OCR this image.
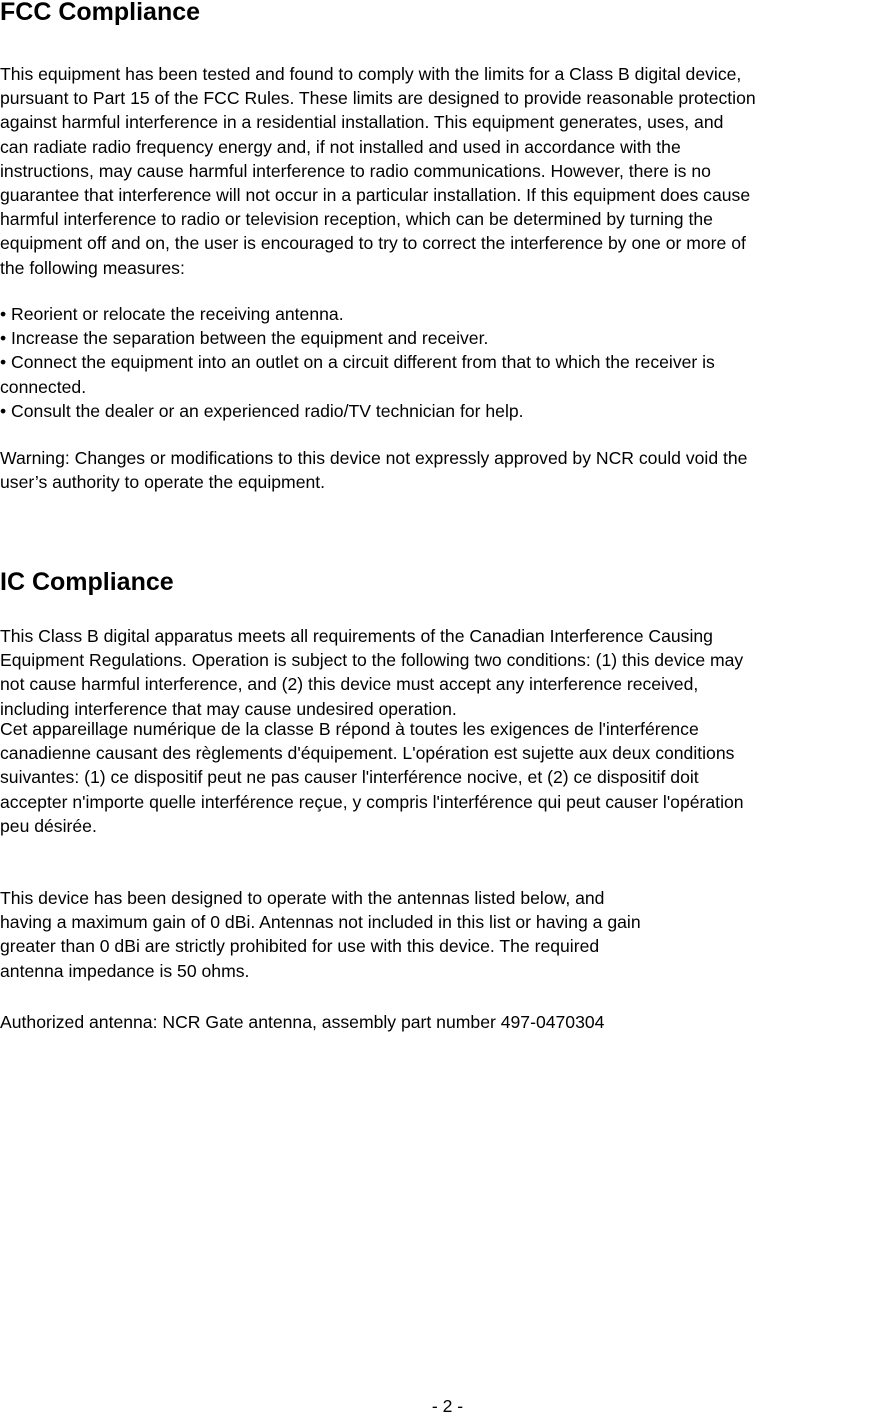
FCC Compliance
This equipment has been tested and found to comply with the limits for a Class B digital device,
pursuant to Part 15 of the FCC Rules. These limits are designed to provide reasonable protection
against harmful interference in a residential installation. This equipment generates, uses, and
can radiate radio frequency energy and, if not installed and used in accordance with the
instructions, may cause harmful interference to radio communications. However, there is no
guarantee that interference will not occur in a particular installation. If this equipment does cause
harmful interference to radio or television reception, which can be determined by turning the
equipment off and on, the user is encouraged to try to correct the interference by one or more of
the following measures:
• Reorient or relocate the receiving antenna.
• Increase the separation between the equipment and receiver.
• Connect the equipment into an outlet on a circuit different from that to which the receiver is
connected.
• Consult the dealer or an experienced radio/TV technician for help.
Warning: Changes or modifications to this device not expressly approved by NCR could void the
user’s authority to operate the equipment.
IC Compliance
This Class B digital apparatus meets all requirements of the Canadian Interference Causing
Equipment Regulations. Operation is subject to the following two conditions: (1) this device may
not cause harmful interference, and (2) this device must accept any interference received,
including interference that may cause undesired operation.
Cet appareillage numérique de la classe B répond à toutes les exigences de l'interférence
canadienne causant des règlements d'équipement. L'opération est sujette aux deux conditions
suivantes: (1) ce dispositif peut ne pas causer l'interférence nocive, et (2) ce dispositif doit
accepter n'importe quelle interférence reçue, y compris l'interférence qui peut causer l'opération
peu désirée.
This device has been designed to operate with the antennas listed below, and
having a maximum gain of 0 dBi. Antennas not included in this list or having a gain
greater than 0 dBi are strictly prohibited for use with this device. The required
antenna impedance is 50 ohms.
Authorized antenna: NCR Gate antenna, assembly part number 497-0470304
- 2 -
